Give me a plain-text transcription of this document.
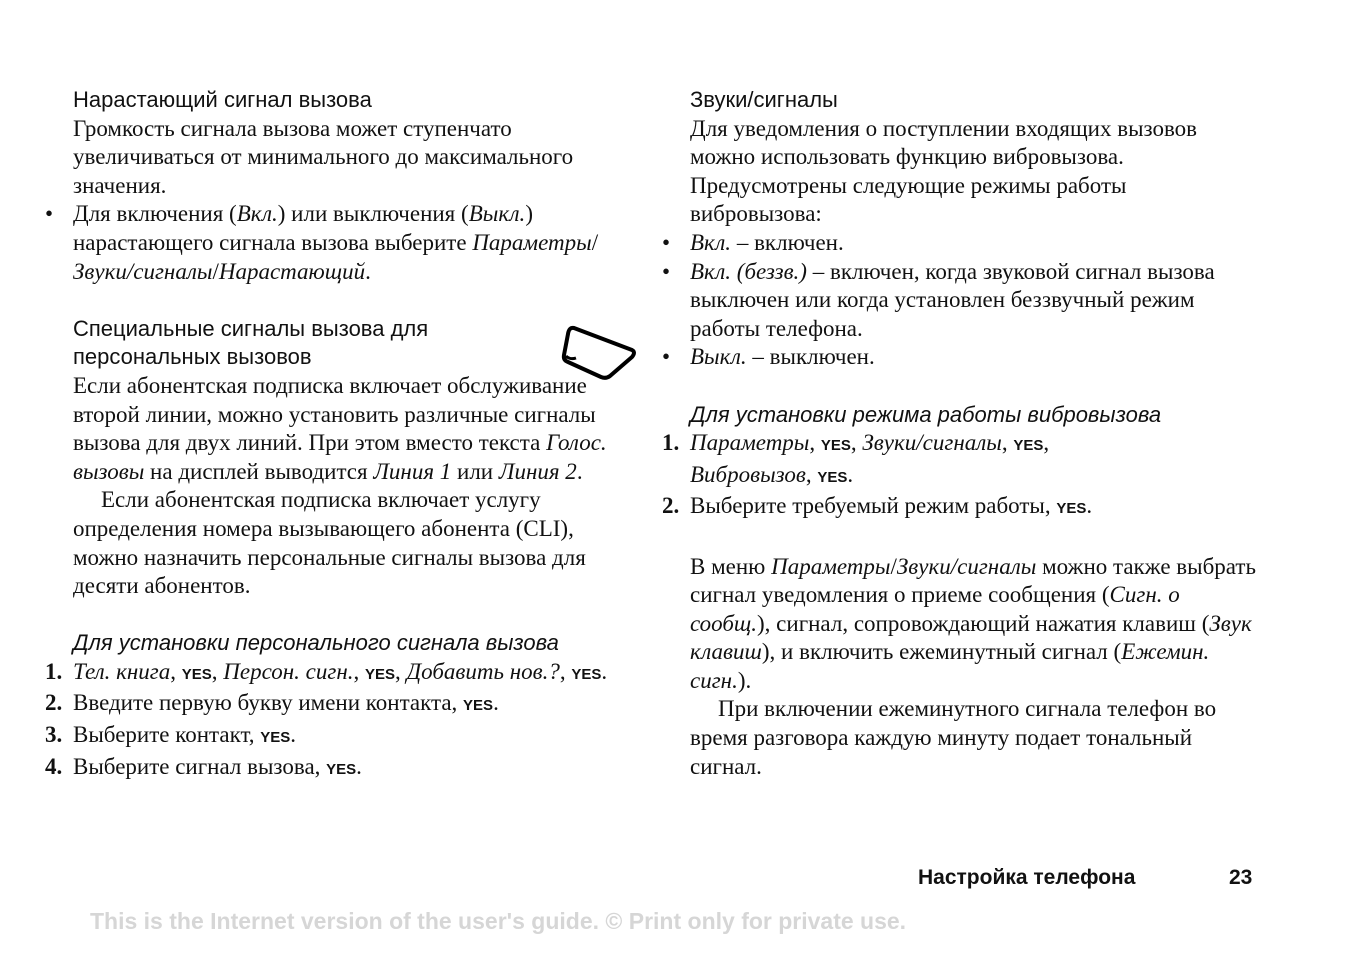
Нарастающий сигнал вызова

Громкость сигнала вызова может ступенчато увеличиваться от минимального до максимального значения.

• Для включения (Вкл.) или выключения (Выкл.) нарастающего сигнала вызова выберите Параметры/Звуки/сигналы/Нарастающий.
Специальные сигналы вызова для
персональных вызовов

Если абонентская подписка включает обслуживание второй линии, можно установить различные сигналы вызова для двух линий. При этом вместо текста Голос. вызовы на дисплей выводится Линия 1 или Линия 2.

Если абонентская подписка включает услугу определения номера вызывающего абонента (CLI), можно назначить персональные сигналы вызова для десяти абонентов.

Для установки персонального сигнала вызова
1. Тел. книга, YES, Персон. сигн., YES, Добавить нов.?, YES.
2. Введите первую букву имени контакта, YES.
3. Выберите контакт, YES.
4. Выберите сигнал вызова, YES.
Звуки/сигналы

Для уведомления о поступлении входящих вызовов можно использовать функцию вибровызова. Предусмотрены следующие режимы работы вибровызова:

• Вкл. – включен.
• Вкл. (беззв.) – включен, когда звуковой сигнал вызова выключен или когда установлен беззвучный режим работы телефона.
• Выкл. – выключен.
Для установки режима работы вибровызова
1. Параметры, YES, Звуки/сигналы, YES,
Вибровызов, YES.
2. Выберите требуемый режим работы, YES.

В меню Параметры/Звуки/сигналы можно также выбрать сигнал уведомления о приеме сообщения (Сигн. о сообщ.), сигнал, сопровождающий нажатия клавиш (Звук клавиш), и включить ежеминутный сигнал (Ежемин. сигн.).

При включении ежеминутного сигнала телефон во время разговора каждую минуту подает тональный сигнал.

Настройка телефона	23
This is the Internet version of the user's guide. © Print only for private use.
